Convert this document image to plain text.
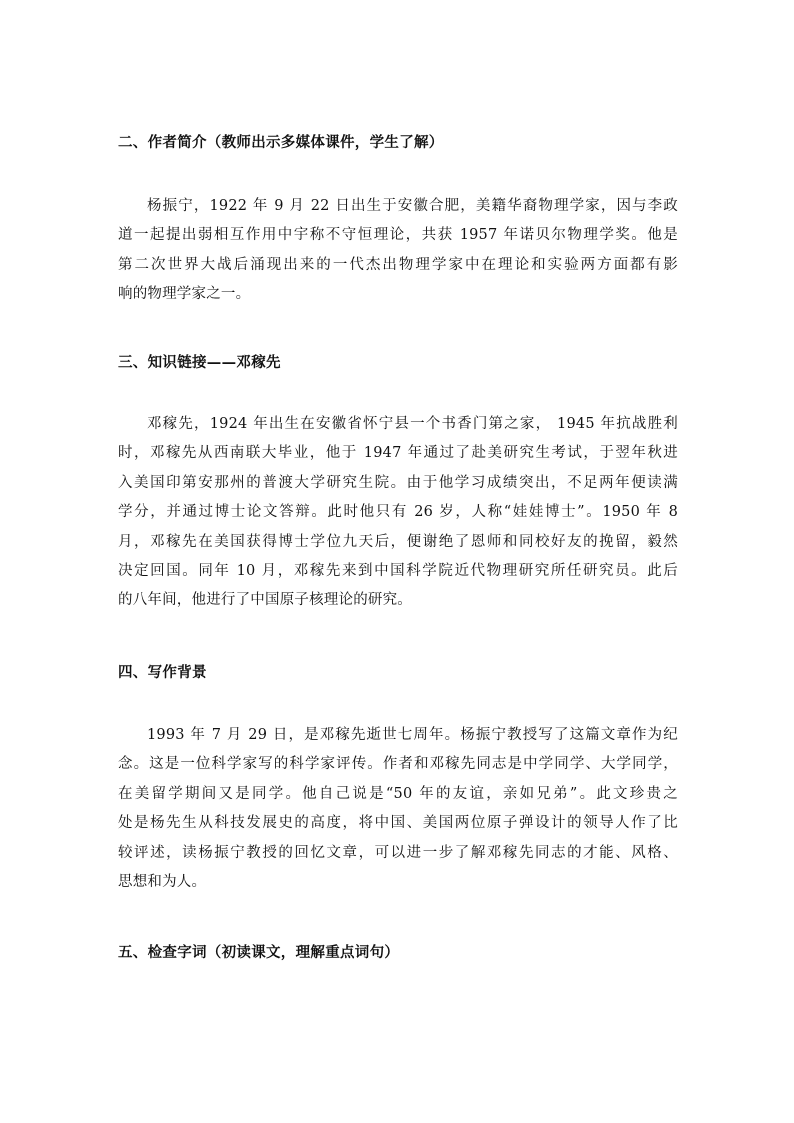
二、作者简介（教师出示多媒体课件，学生了解）
杨振宁，1922 年 9 月 22 日出生于安徽合肥，美籍华裔物理学家，因与李政
道一起提出弱相互作用中宇称不守恒理论，共获 1957 年诺贝尔物理学奖。他是
第二次世界大战后涌现出来的一代杰出物理学家中在理论和实验两方面都有影
响的物理学家之一。
三、知识链接——邓稼先
邓稼先，1924 年出生在安徽省怀宁县一个书香门第之家， 1945 年抗战胜利
时，邓稼先从西南联大毕业，他于 1947 年通过了赴美研究生考试，于翌年秋进
入美国印第安那州的普渡大学研究生院。由于他学习成绩突出，不足两年便读满
学分，并通过博士论文答辩。此时他只有 26 岁，人称“娃娃博士”。1950 年 8
月，邓稼先在美国获得博士学位九天后，便谢绝了恩师和同校好友的挽留，毅然
决定回国。同年 10 月，邓稼先来到中国科学院近代物理研究所任研究员。此后
的八年间，他进行了中国原子核理论的研究。
四、写作背景
1993 年 7 月 29 日，是邓稼先逝世七周年。杨振宁教授写了这篇文章作为纪
念。这是一位科学家写的科学家评传。作者和邓稼先同志是中学同学、大学同学，
在美留学期间又是同学。他自己说是“50 年的友谊，亲如兄弟”。此文珍贵之
处是杨先生从科技发展史的高度，将中国、美国两位原子弹设计的领导人作了比
较评述，读杨振宁教授的回忆文章，可以进一步了解邓稼先同志的才能、风格、
思想和为人。
五、检查字词（初读课文，理解重点词句）
